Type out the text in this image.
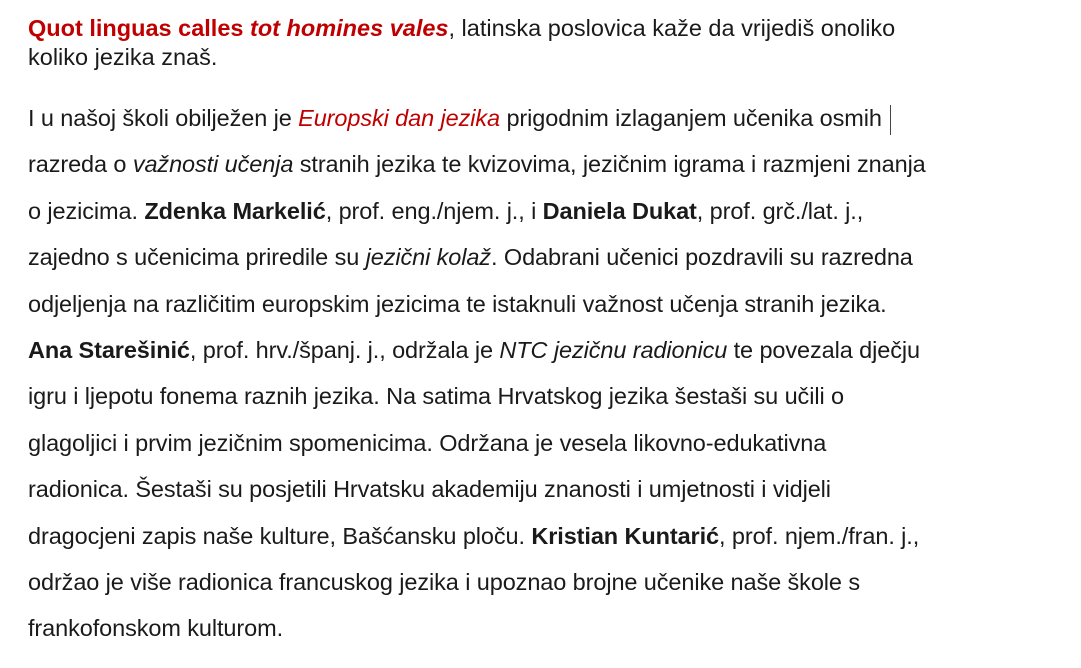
Quot linguas calles tot homines vales, latinska poslovica kaže da vrijediš onoliko
koliko jezika znaš.

I u našoj školi obilježen je Europski dan jezika prigodnim izlaganjem učenika osmih
razreda o važnosti učenja stranih jezika te kvizovima, jezičnim igrama i razmjeni znanja
o jezicima. Zdenka Markelić, prof. eng./njem. j., i Daniela Dukat, prof. grč./lat. j.,
zajedno s učenicima priredile su jezični kolaž. Odabrani učenici pozdravili su razredna
odjeljenja na različitim europskim jezicima te istaknuli važnost učenja stranih jezika.
Ana Starešinić, prof. hrv./španj. j., održala je NTC jezičnu radionicu te povezala dječju
igru i ljepotu fonema raznih jezika. Na satima Hrvatskog jezika šestaši su učili o
glagoljici i prvim jezičnim spomenicima. Održana je vesela likovno-edukativna
radionica. Šestaši su posjetili Hrvatsku akademiju znanosti i umjetnosti i vidjeli
dragocjeni zapis naše kulture, Bašćansku ploču. Kristian Kuntarić, prof. njem./fran. j.,
održao je više radionica francuskog jezika i upoznao brojne učenike naše škole s
frankofonskom kulturom.
